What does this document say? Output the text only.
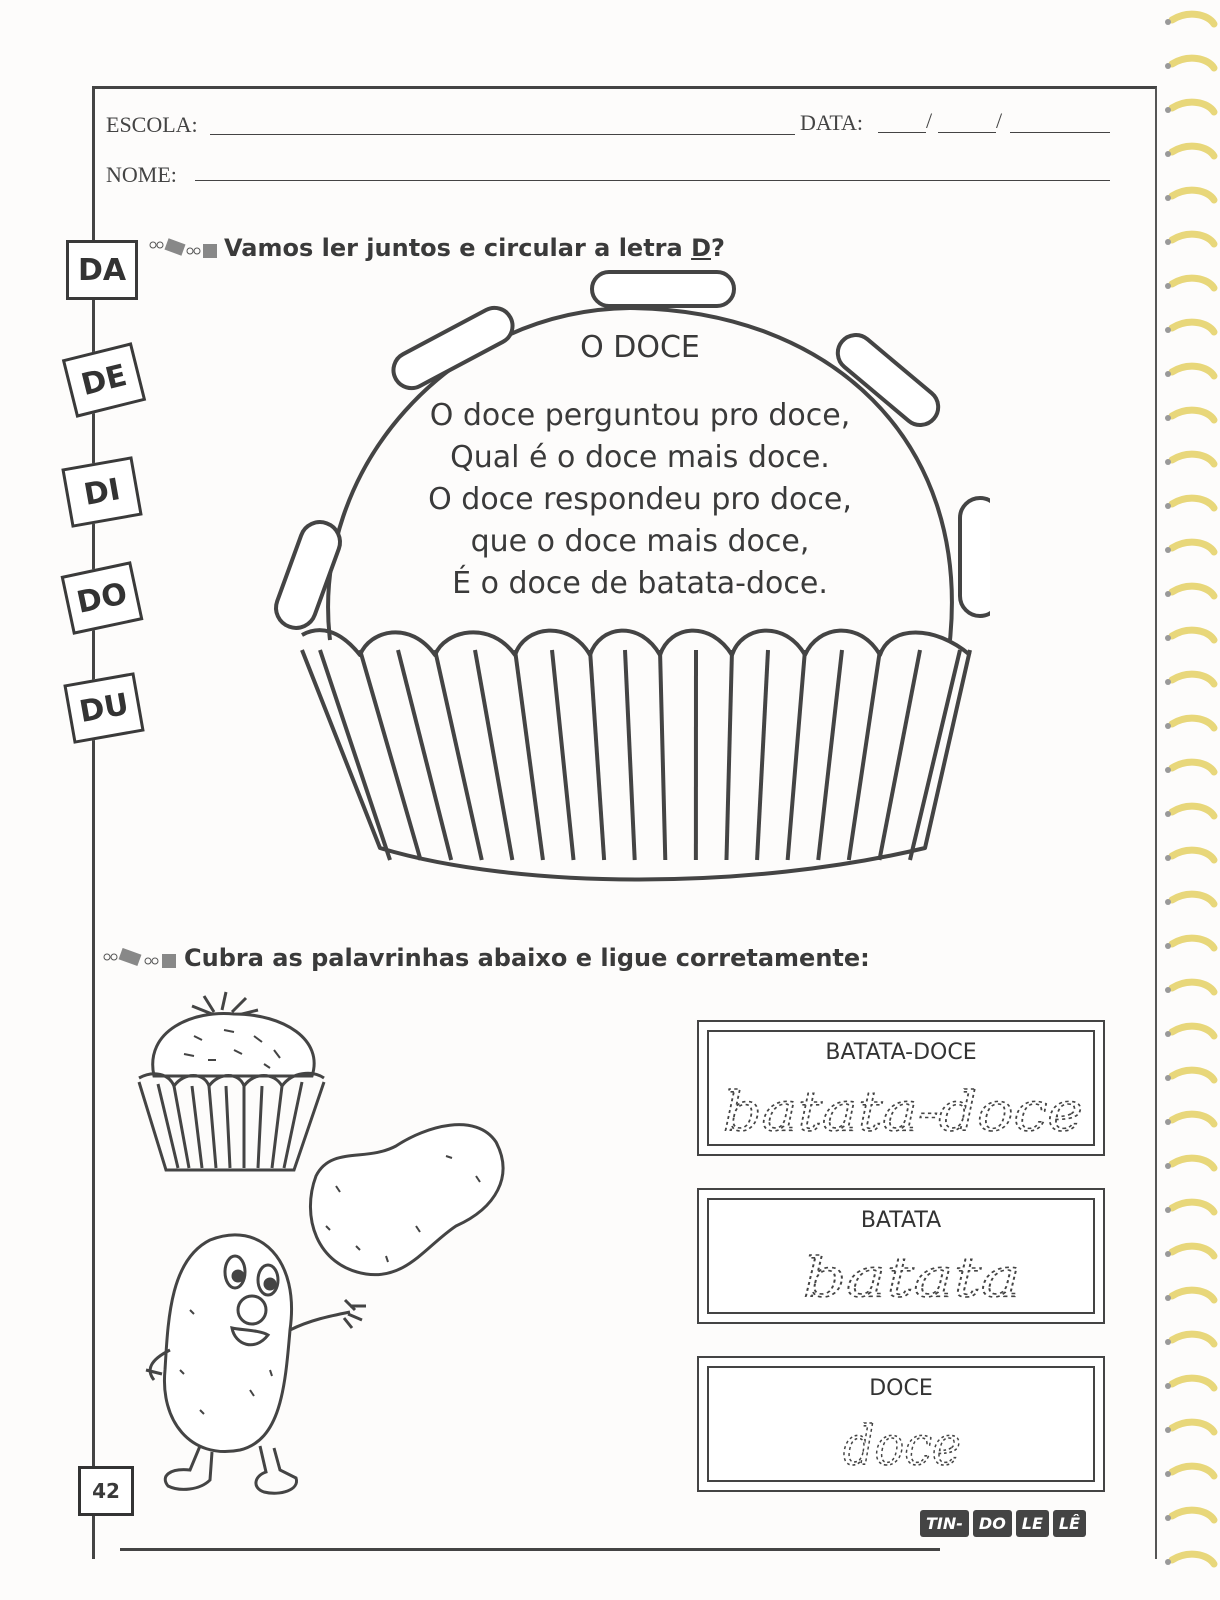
ESCOLA:	DATA:	/	/
NOME:
DA
DE
DI
DO
DU
Vamos ler juntos e circular a letra D?
O DOCE
O doce perguntou pro doce,
Qual é o doce mais doce.
O doce respondeu pro doce,
que o doce mais doce,
É o doce de batata-doce.
Cubra as palavrinhas abaixo e ligue corretamente:
BATATA-DOCE
batata-doce
BATATA
batata
DOCE
doce
42
TIN-	DO	LE	LÊ
